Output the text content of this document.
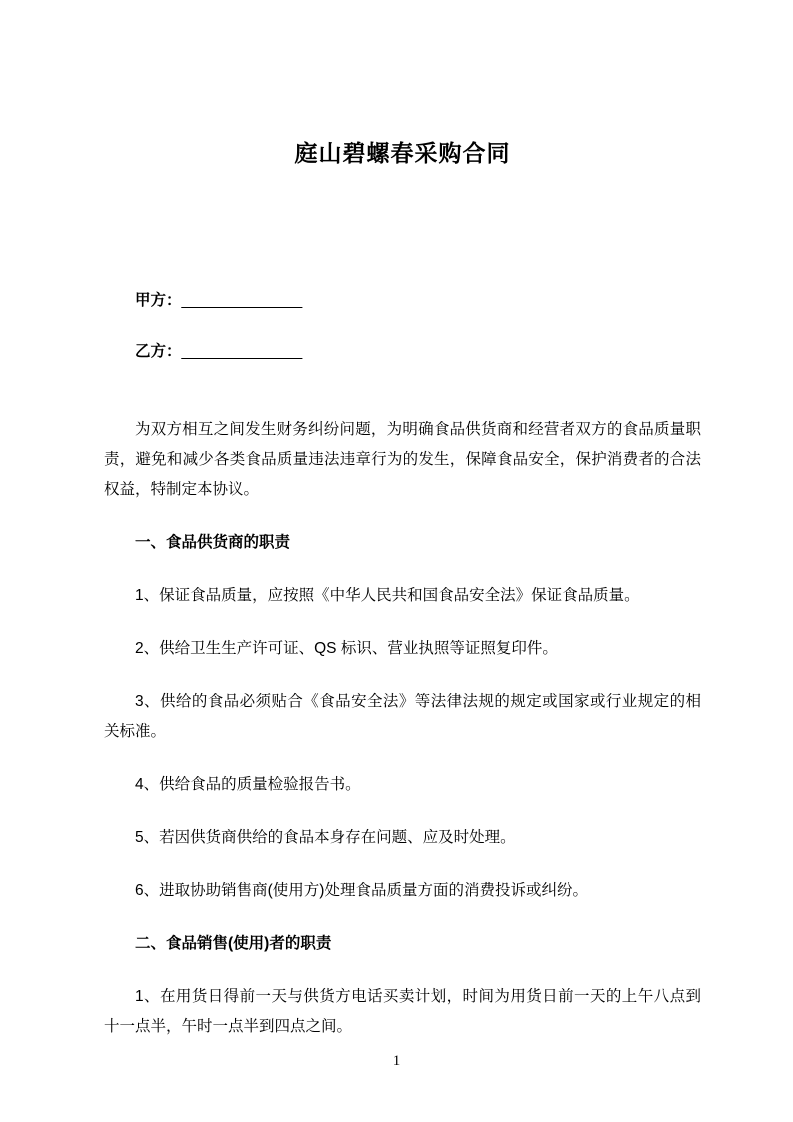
庭山碧螺春采购合同
甲方：______________
乙方：______________

为双方相互之间发生财务纠纷问题，为明确食品供货商和经营者双方的食品质量职责，避免和减少各类食品质量违法违章行为的发生，保障食品安全，保护消费者的合法权益，特制定本协议。

一、食品供货商的职责

1、保证食品质量，应按照《中华人民共和国食品安全法》保证食品质量。

2、供给卫生生产许可证、QS 标识、营业执照等证照复印件。

3、供给的食品必须贴合《食品安全法》等法律法规的规定或国家或行业规定的相关标准。

4、供给食品的质量检验报告书。

5、若因供货商供给的食品本身存在问题、应及时处理。

6、进取协助销售商(使用方)处理食品质量方面的消费投诉或纠纷。

二、食品销售(使用)者的职责

1、在用货日得前一天与供货方电话买卖计划，时间为用货日前一天的上午八点到十一点半，午时一点半到四点之间。

1
